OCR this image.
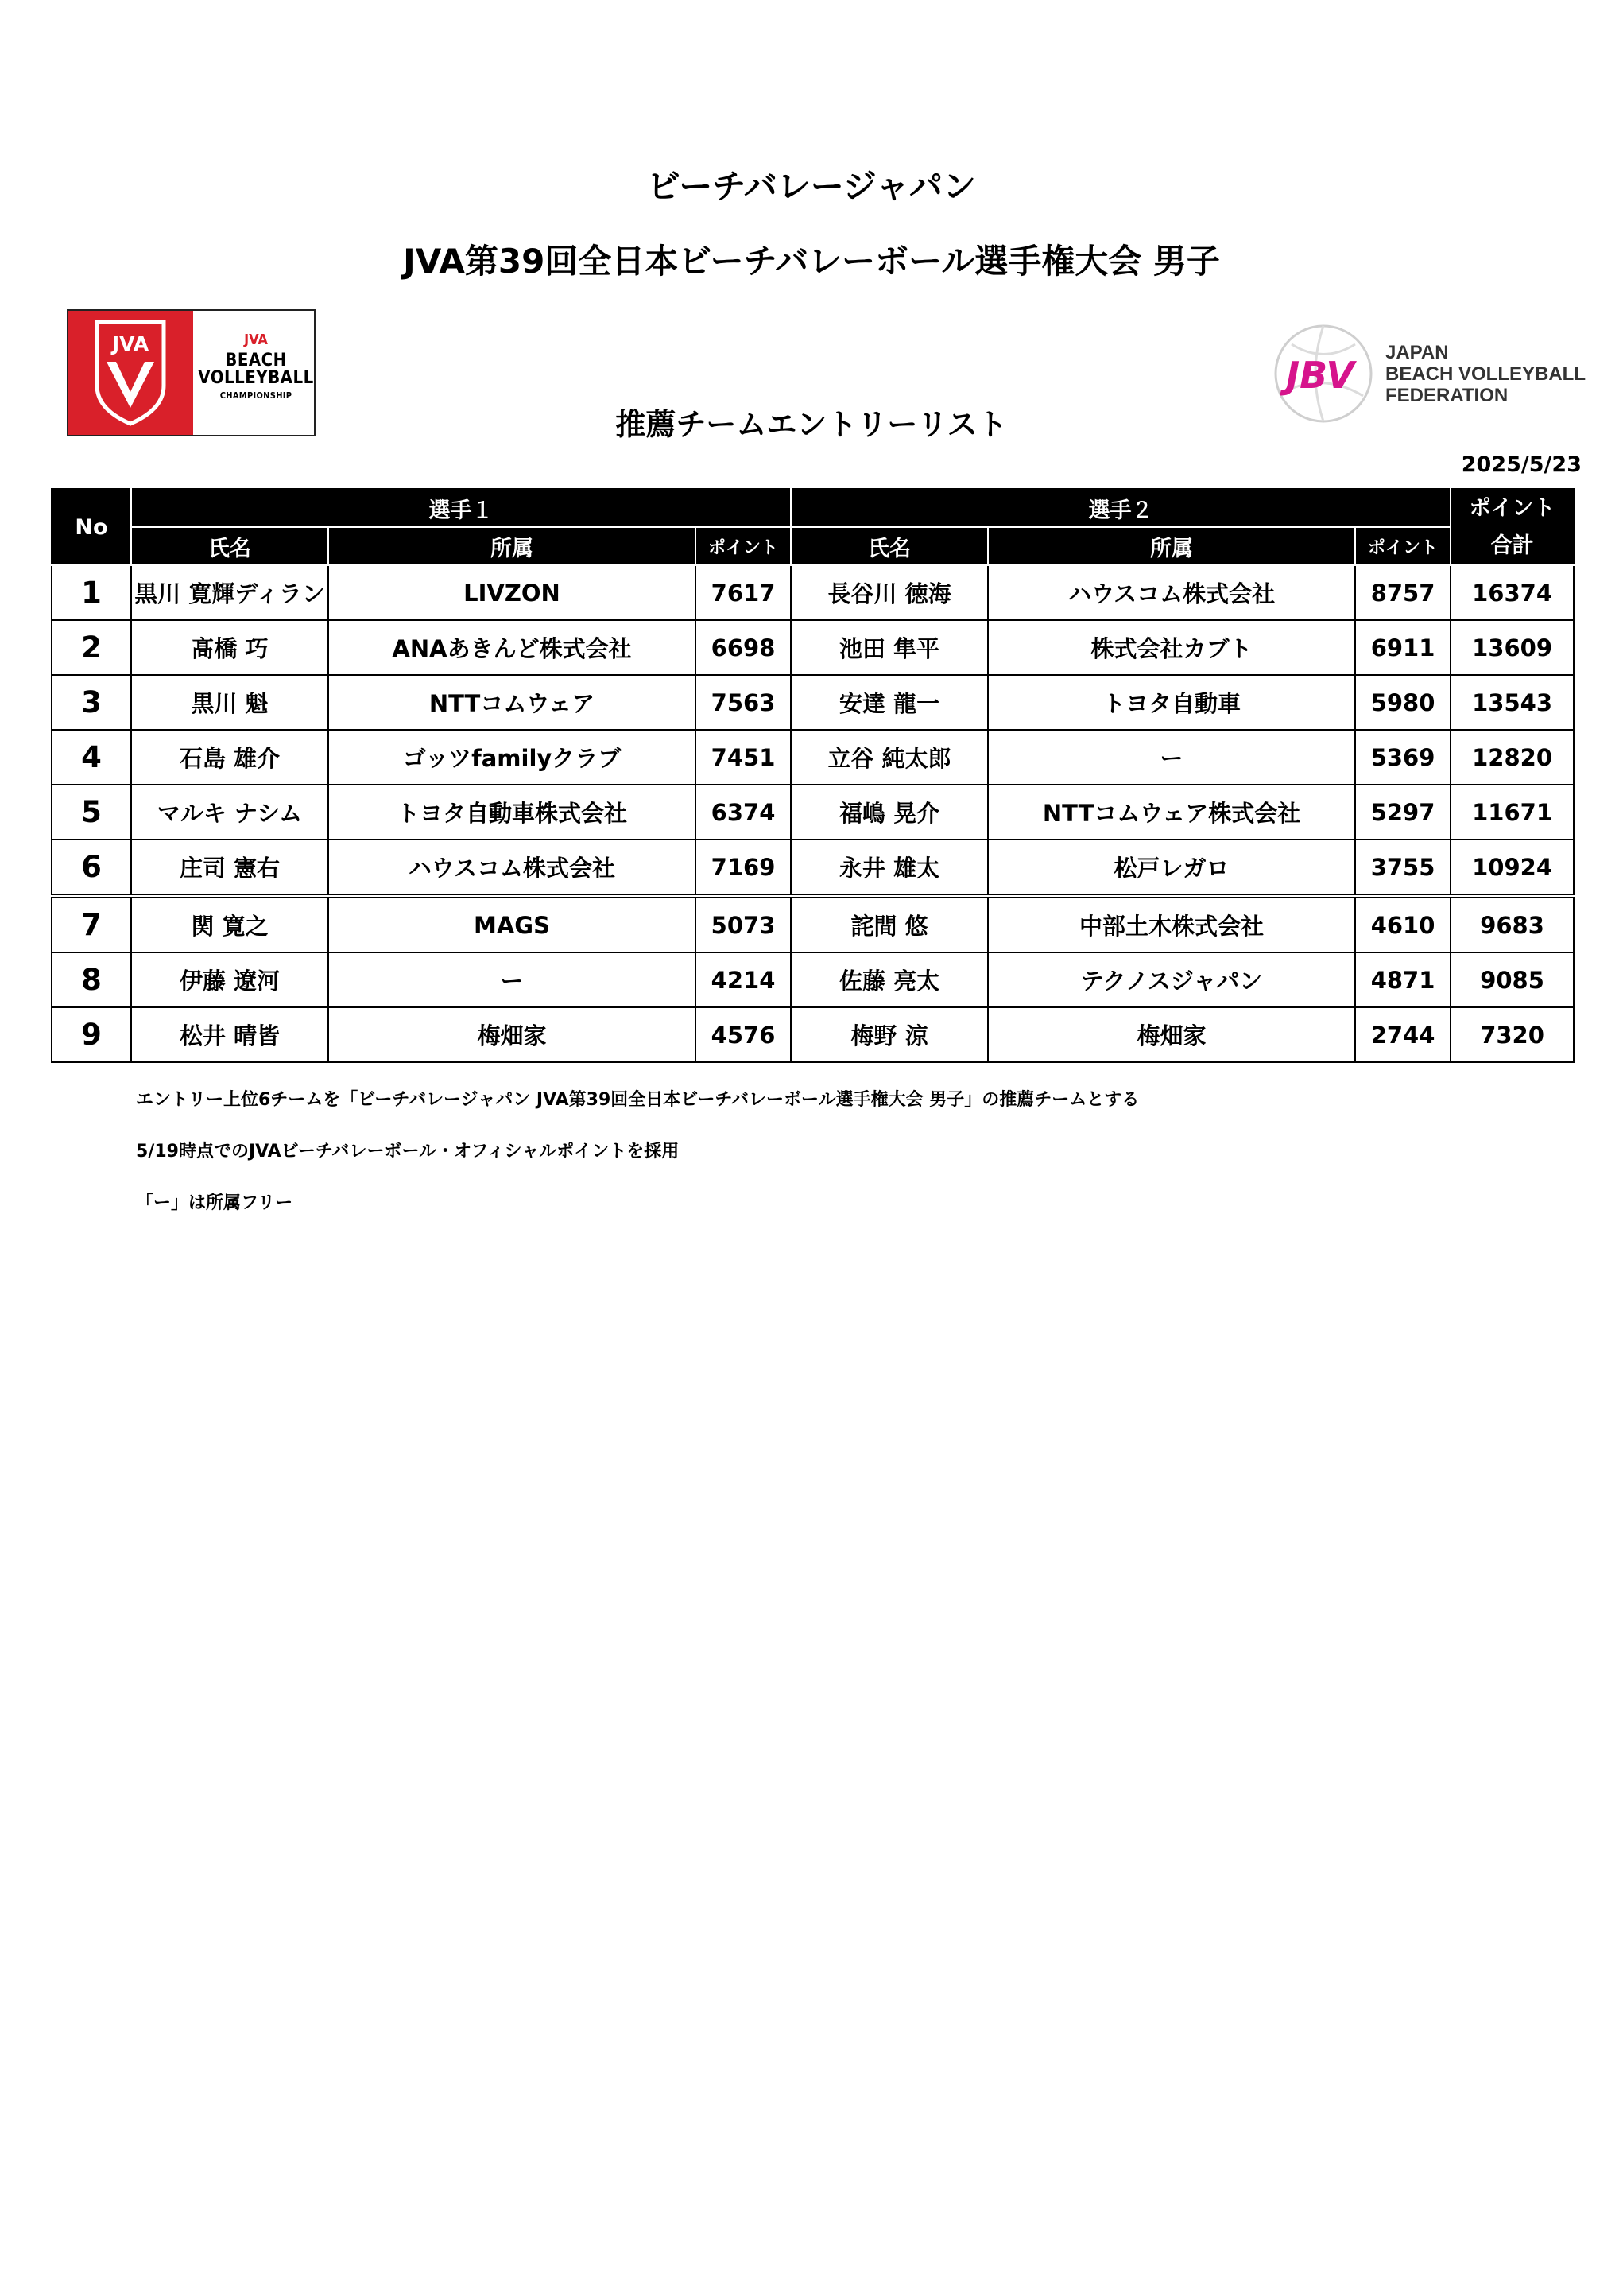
ビーチバレージャパン
JVA第39回全日本ビーチバレーボール選手権大会 男子
JVA	JVA
BEACH
VOLLEYBALL
CHAMPIONSHIP	JBV
JAPAN
BEACH VOLLEYBALL
FEDERATION
推薦チームエントリーリスト
2025/5/23
No	選手１			選手２			ポイント
合計

	氏名	所属	ポイント	氏名	所属	ポイント	
1	黒川 寛輝ディラン	LIVZON	7617	長谷川 徳海	ハウスコム株式会社	8757	16374
2	髙橋 巧	ANAあきんど株式会社	6698	池田 隼平	株式会社カブト	6911	13609
3	黒川 魁	NTTコムウェア	7563	安達 龍一	トヨタ自動車	5980	13543
4	石島 雄介	ゴッツfamilyクラブ	7451	立谷 純太郎	ー	5369	12820
5	マルキ ナシム	トヨタ自動車株式会社	6374	福嶋 晃介	NTTコムウェア株式会社	5297	11671
6	庄司 憲右	ハウスコム株式会社	7169	永井 雄太	松戸レガロ	3755	10924
7	関 寛之	MAGS	5073	詫間 悠	中部土木株式会社	4610	9683
8	伊藤 遼河	ー	4214	佐藤 亮太	テクノスジャパン	4871	9085
9	松井 晴皆	梅畑家	4576	梅野 涼	梅畑家	2744	7320
エントリー上位6チームを「ビーチバレージャパン JVA第39回全日本ビーチバレーボール選手権大会 男子」の推薦チームとする
5/19時点でのJVAビーチバレーボール・オフィシャルポイントを採用
「ー」は所属フリー
